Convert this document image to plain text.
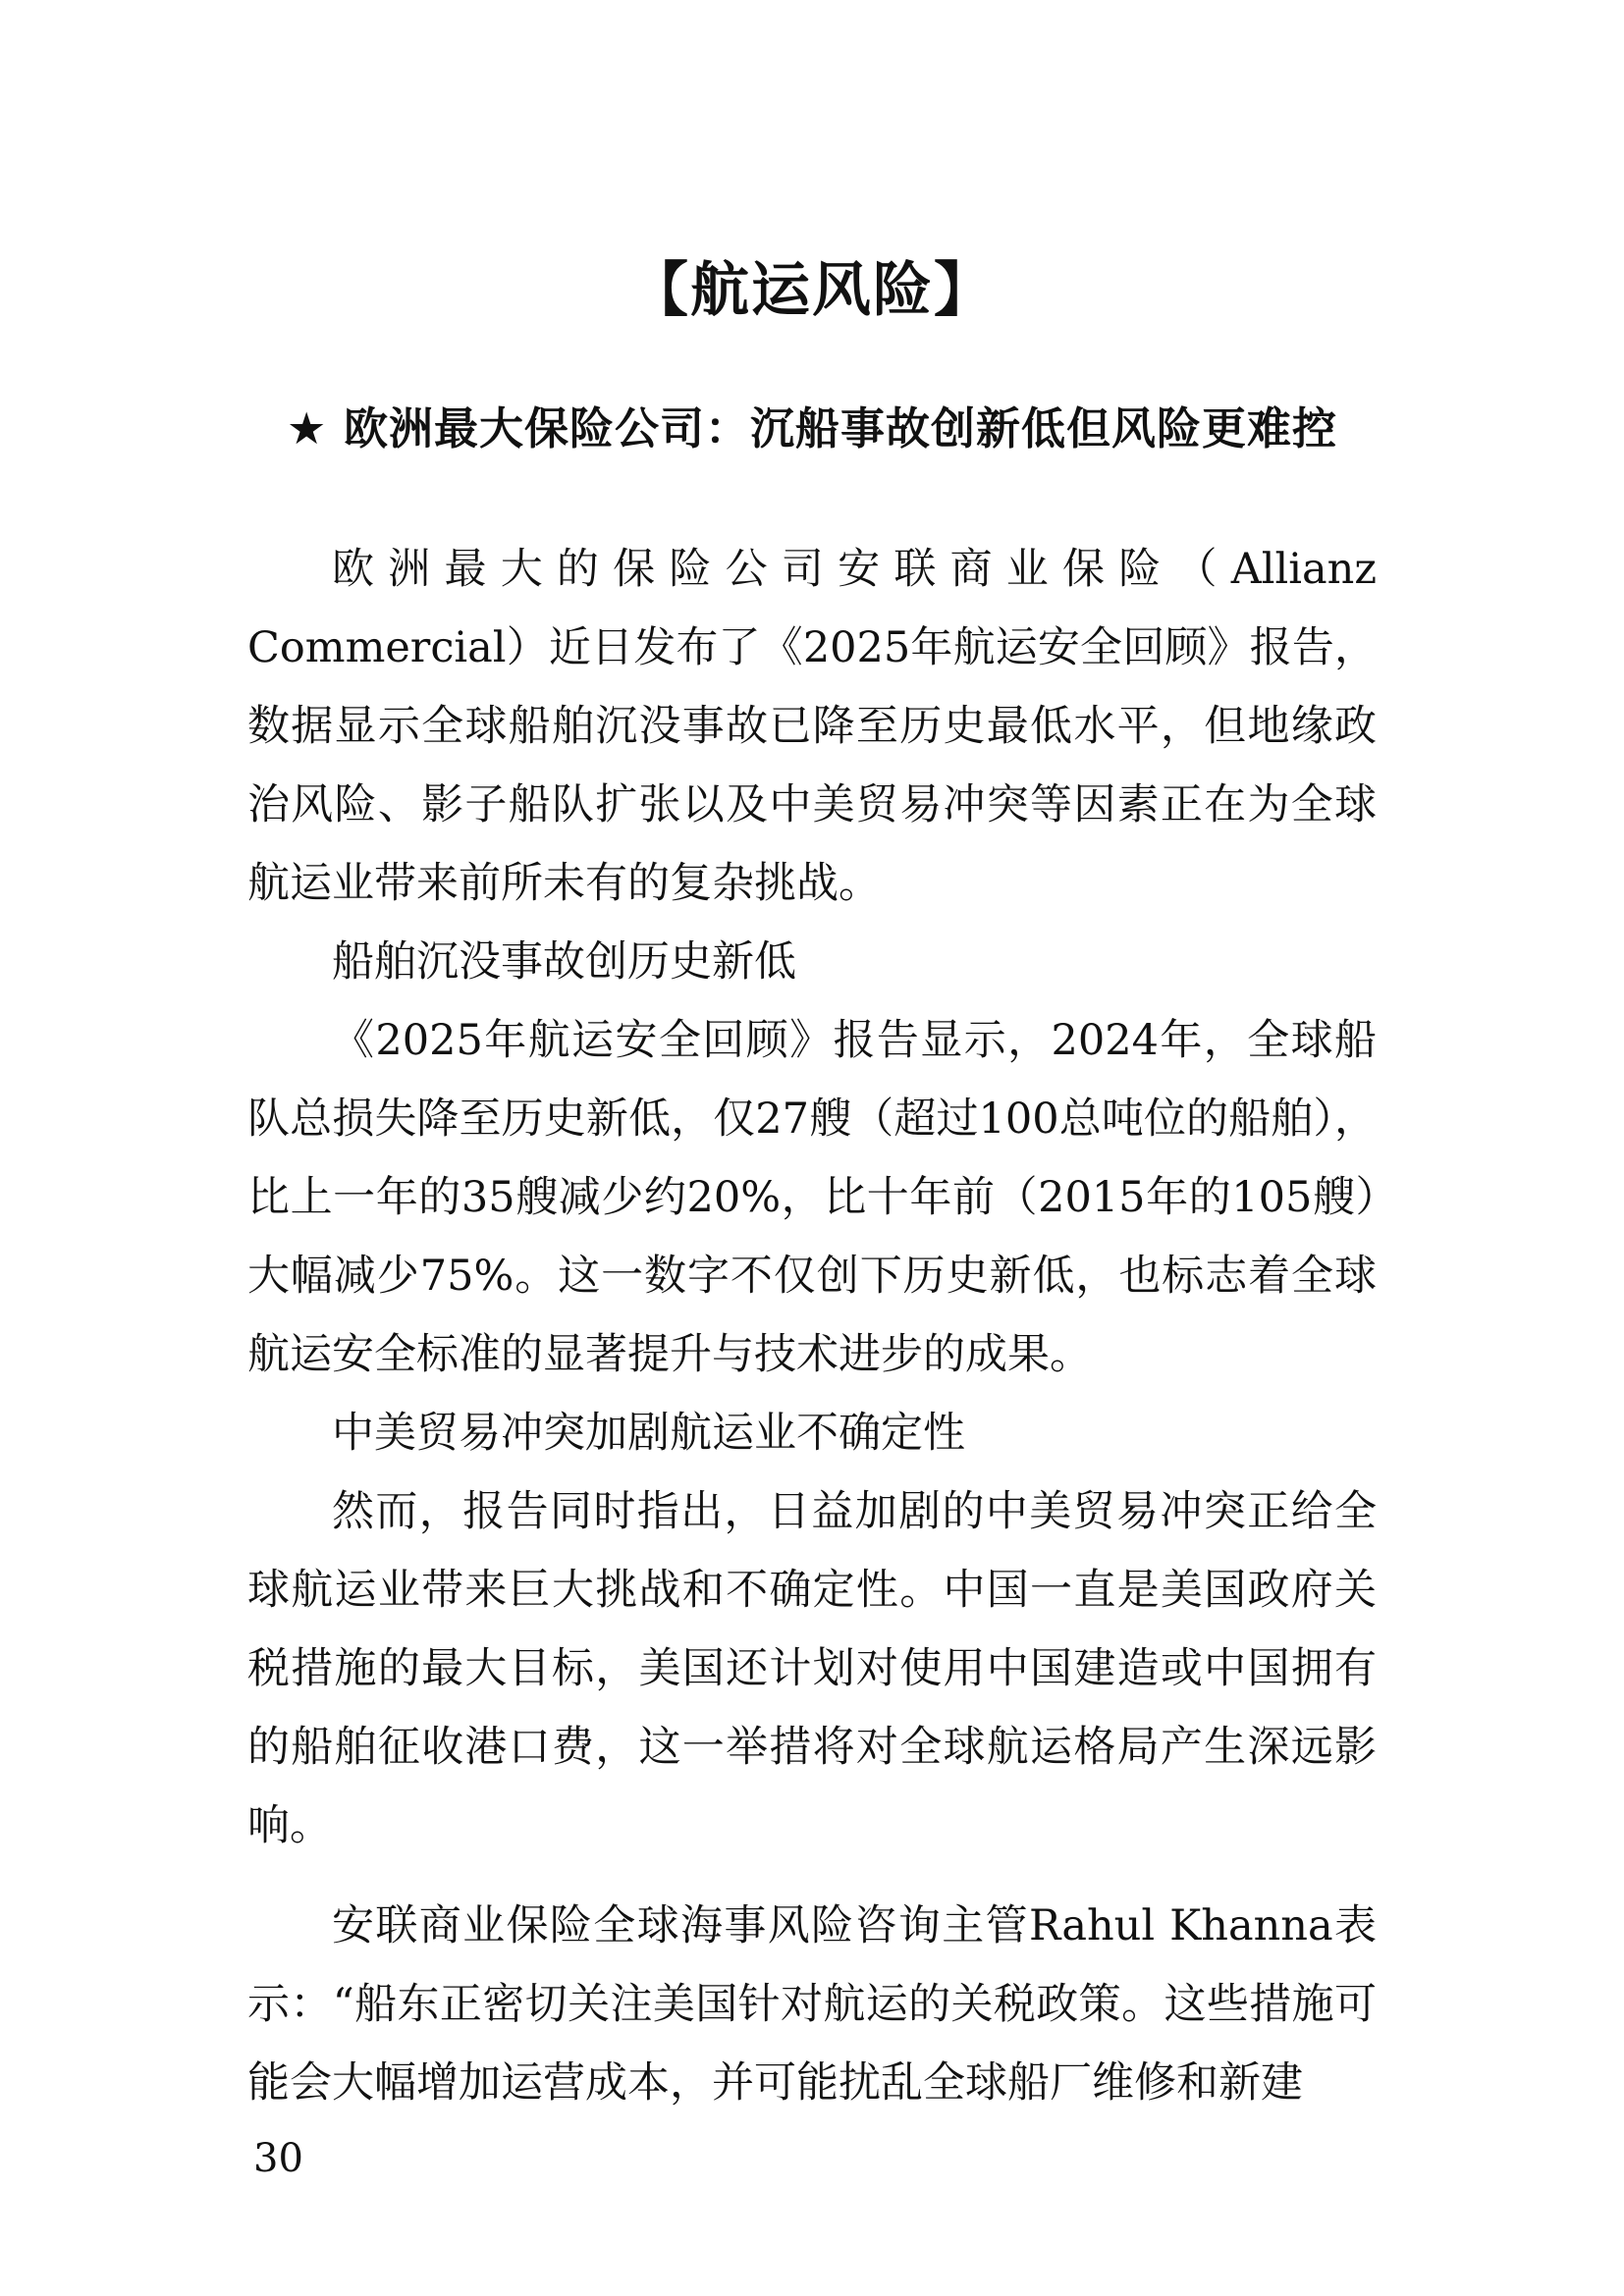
【航运风险】
★ 欧洲最大保险公司：沉船事故创新低但风险更难控

欧洲最大的保险公司安联商业保险（Allianz Commercial）近日发布了《2025年航运安全回顾》报告，数据显示全球船舶沉没事故已降至历史最低水平，但地缘政治风险、影子船队扩张以及中美贸易冲突等因素正在为全球航运业带来前所未有的复杂挑战。

船舶沉没事故创历史新低

《2025年航运安全回顾》报告显示，2024年，全球船队总损失降至历史新低，仅27艘（超过100总吨位的船舶），比上一年的35艘减少约20%，比十年前（2015年的105艘）大幅减少75%。这一数字不仅创下历史新低，也标志着全球航运安全标准的显著提升与技术进步的成果。

中美贸易冲突加剧航运业不确定性

然而，报告同时指出，日益加剧的中美贸易冲突正给全球航运业带来巨大挑战和不确定性。中国一直是美国政府关税措施的最大目标，美国还计划对使用中国建造或中国拥有的船舶征收港口费，这一举措将对全球航运格局产生深远影响。

安联商业保险全球海事风险咨询主管Rahul Khanna表示：“船东正密切关注美国针对航运的关税政策。这些措施可能会大幅增加运营成本，并可能扰乱全球船厂维修和新建

30
